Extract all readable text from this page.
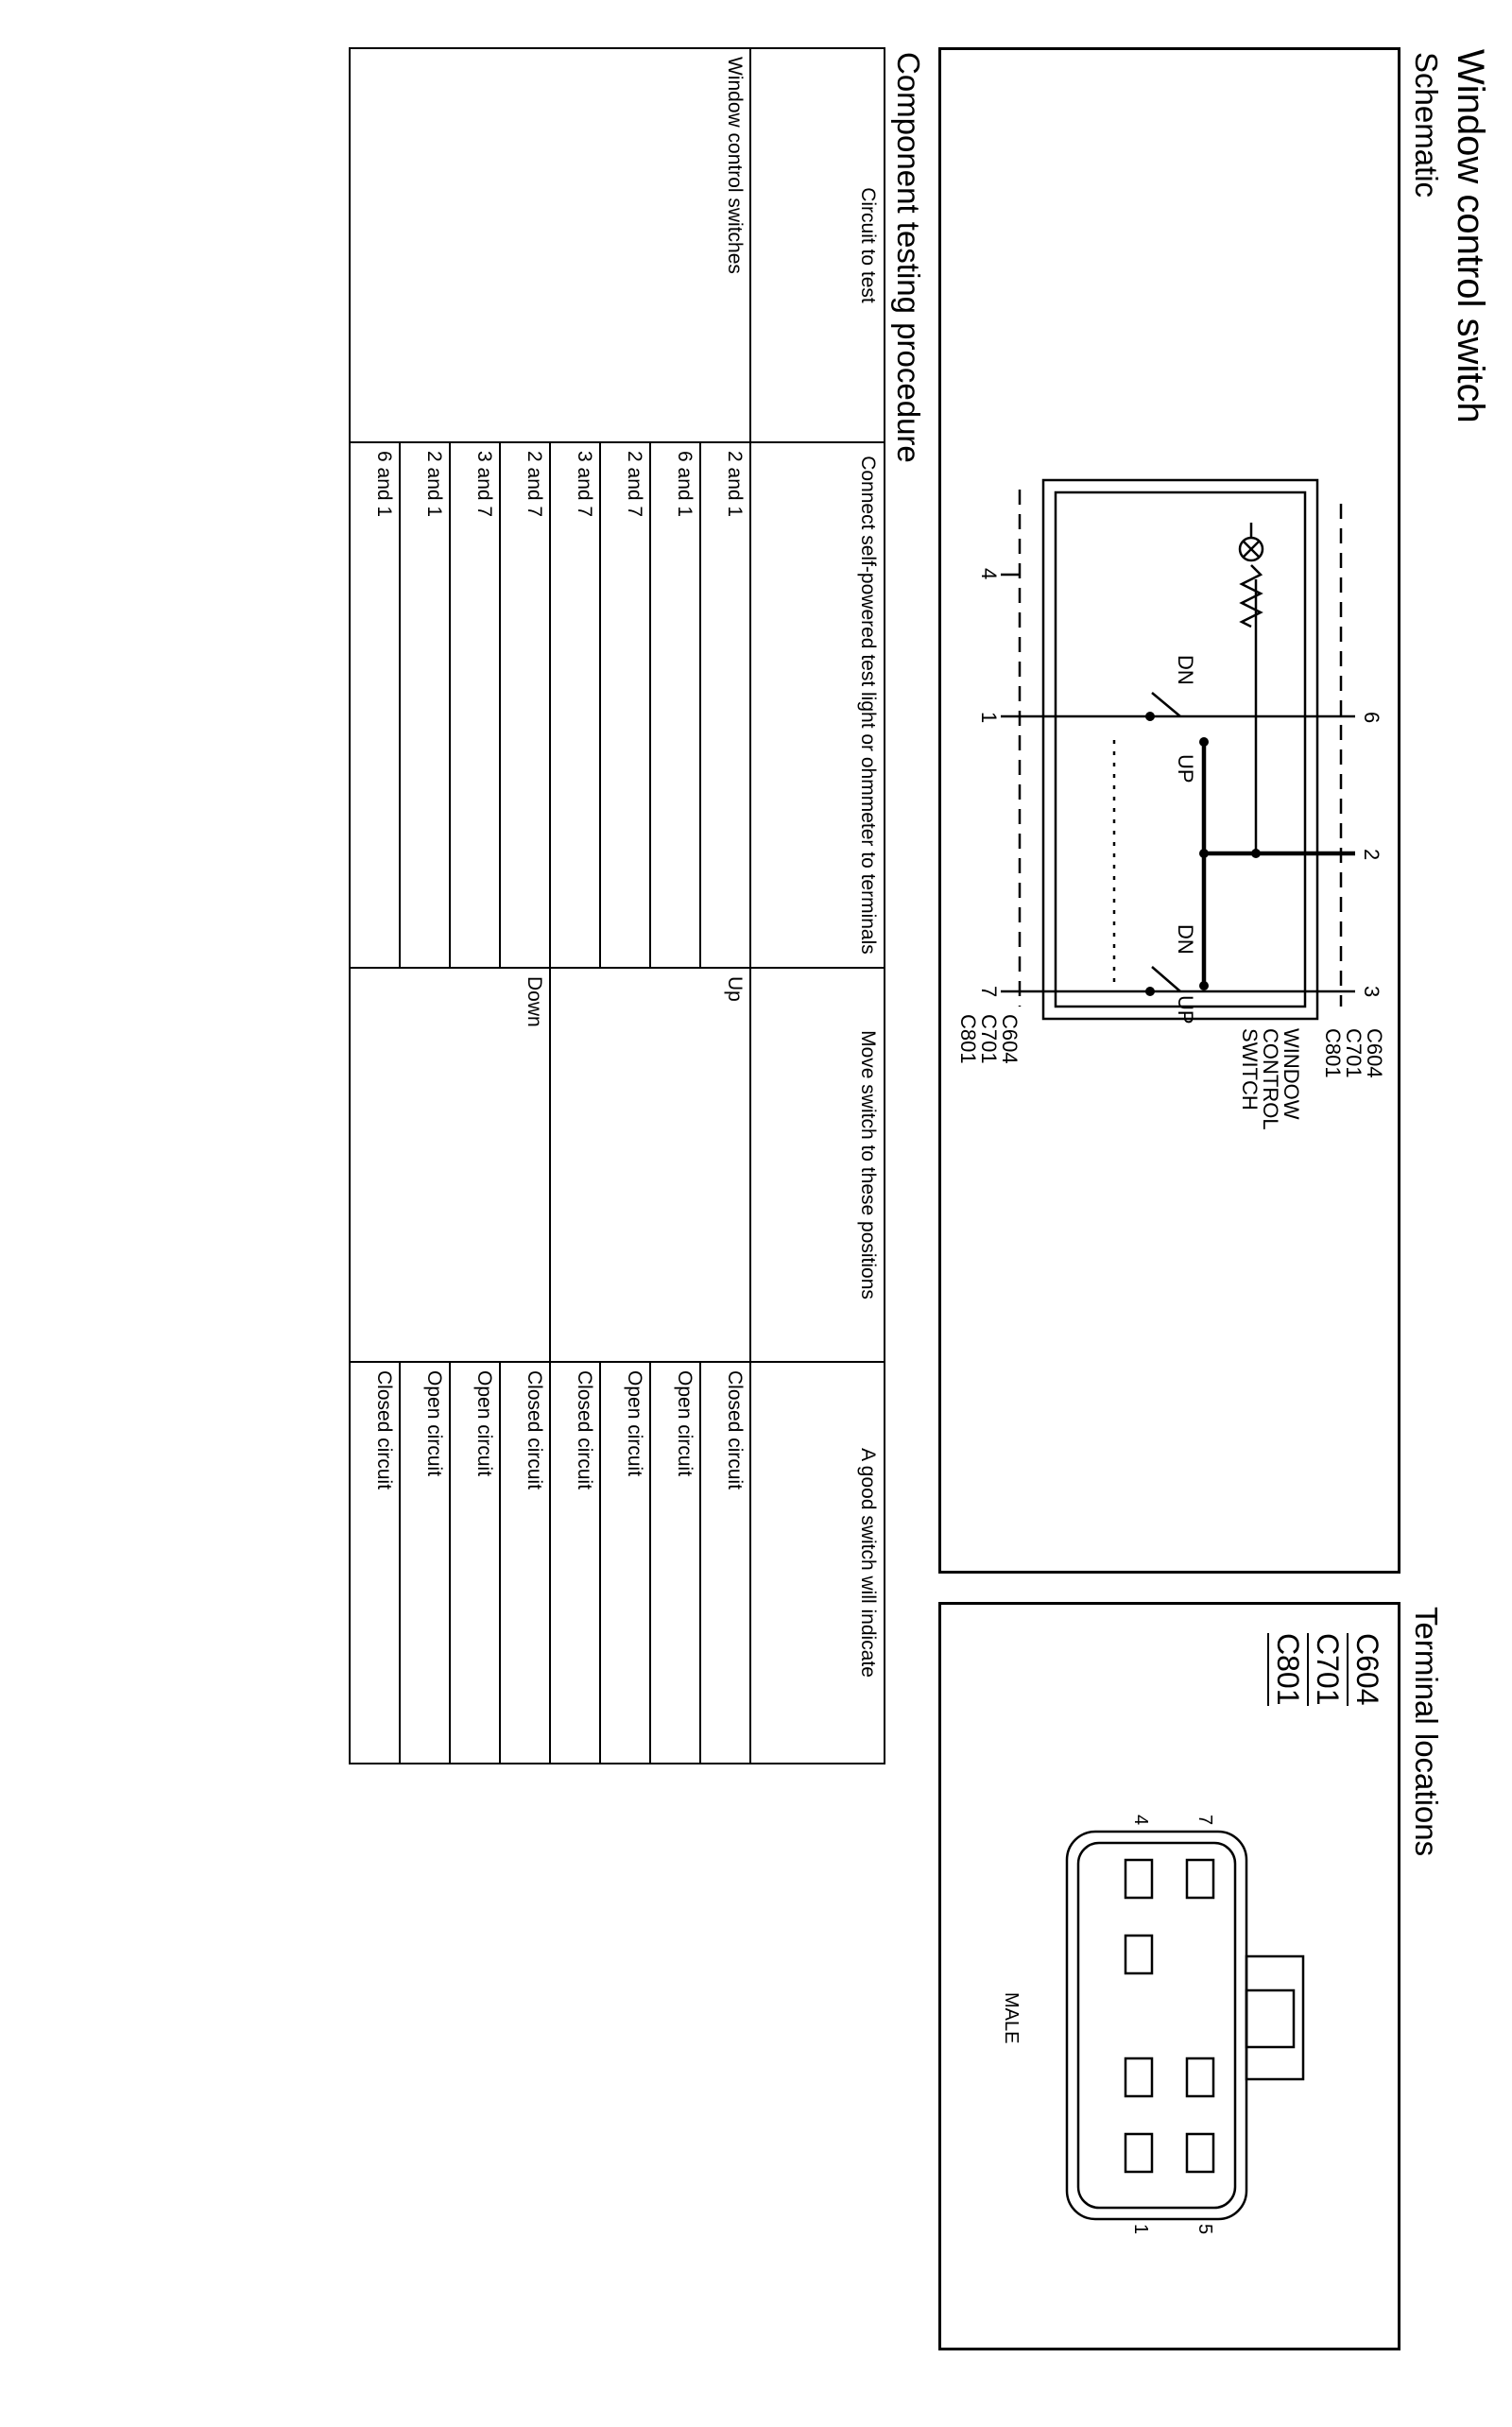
Window control switch
Schematic
Terminal locations
Component testing procedure
6
2
3
4
1
7
C604
C701
C801
C604
C701
C801	WINDOW
CONTROL
SWITCH
DN
UP
DN
UP
C604
C701
C801
7
4
5
1
MALE
Circuit to test	Connect self-powered test light or ohmmeter to terminals	Move switch to these positions	A good switch will indicate
Window control switches	2 and 1	Up	Closed circuit
	6 and 1		Open circuit
	2 and 7		Open circuit
	3 and 7		Closed circuit
	2 and 7	Down	Closed circuit
	3 and 7		Open circuit
	2 and 1		Open circuit
	6 and 1		Closed circuit
